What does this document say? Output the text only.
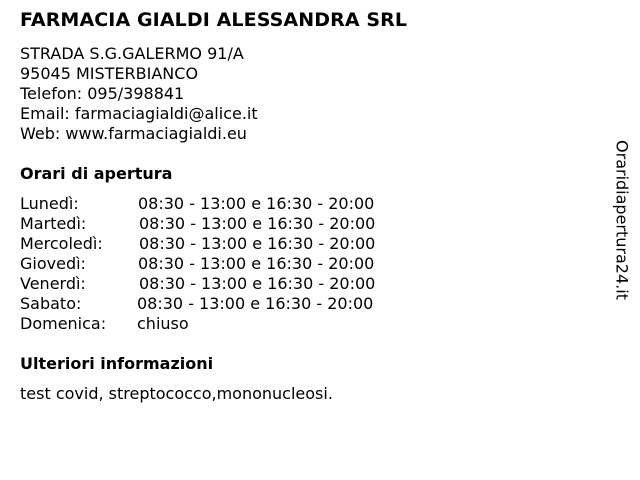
FARMACIA GIALDI ALESSANDRA SRL
STRADA S.G.GALERMO 91/A
95045 MISTERBIANCO
Telefon: 095/398841
Email: farmaciagialdi@alice.it
Web: www.farmaciagialdi.eu
Orari di apertura
Lunedì:	08:30 - 13:00 e 16:30 - 20:00
Martedì:	08:30 - 13:00 e 16:30 - 20:00
Mercoledì: 08:30 - 13:00 e 16:30 - 20:00
Giovedì:	08:30 - 13:00 e 16:30 - 20:00
Venerdì:	08:30 - 13:00 e 16:30 - 20:00
Sabato:	08:30 - 13:00 e 16:30 - 20:00
Domenica: chiuso
Ulteriori informazioni
test covid, streptococco,mononucleosi.
Oraridiapertura24.it
